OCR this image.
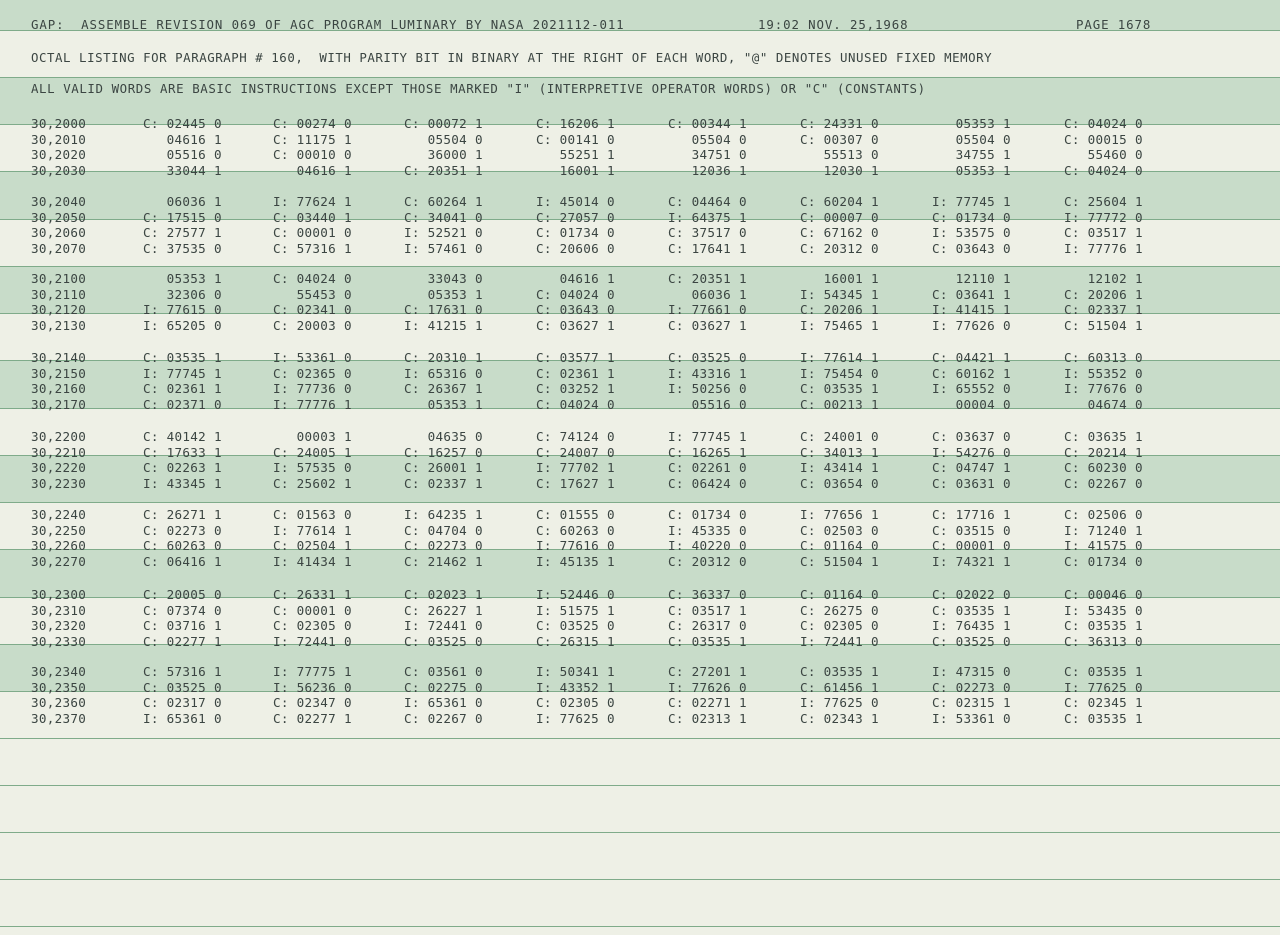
GAP:  ASSEMBLE REVISION 069 OF AGC PROGRAM LUMINARY BY NASA 2021112-011	19:02 NOV. 25,1968	PAGE 1678
OCTAL LISTING FOR PARAGRAPH # 160,  WITH PARITY BIT IN BINARY AT THE RIGHT OF EACH WORD, "@" DENOTES UNUSED FIXED MEMORY
ALL VALID WORDS ARE BASIC INSTRUCTIONS EXCEPT THOSE MARKED "I" (INTERPRETIVE OPERATOR WORDS) OR "C" (CONSTANTS)
30,2000	C: 02445 0	C: 00274 0	C: 00072 1	C: 16206 1	C: 00344 1	C: 24331 0	05353 1	C: 04024 0
30,2010	04616 1	C: 11175 1	05504 0	C: 00141 0	05504 0	C: 00307 0	05504 0	C: 00015 0
30,2020	05516 0	C: 00010 0	36000 1	55251 1	34751 0	55513 0	34755 1	55460 0
30,2030	33044 1	04616 1	C: 20351 1	16001 1	12036 1	12030 1	05353 1	C: 04024 0
30,2040	06036 1	I: 77624 1	C: 60264 1	I: 45014 0	C: 04464 0	C: 60204 1	I: 77745 1	C: 25604 1
30,2050	C: 17515 0	C: 03440 1	C: 34041 0	C: 27057 0	I: 64375 1	C: 00007 0	C: 01734 0	I: 77772 0
30,2060	C: 27577 1	C: 00001 0	I: 52521 0	C: 01734 0	C: 37517 0	C: 67162 0	I: 53575 0	C: 03517 1
30,2070	C: 37535 0	C: 57316 1	I: 57461 0	C: 20606 0	C: 17641 1	C: 20312 0	C: 03643 0	I: 77776 1
30,2100	05353 1	C: 04024 0	33043 0	04616 1	C: 20351 1	16001 1	12110 1	12102 1
30,2110	32306 0	55453 0	05353 1	C: 04024 0	06036 1	I: 54345 1	C: 03641 1	C: 20206 1
30,2120	I: 77615 0	C: 02341 0	C: 17631 0	C: 03643 0	I: 77661 0	C: 20206 1	I: 41415 1	C: 02337 1
30,2130	I: 65205 0	C: 20003 0	I: 41215 1	C: 03627 1	C: 03627 1	I: 75465 1	I: 77626 0	C: 51504 1
30,2140	C: 03535 1	I: 53361 0	C: 20310 1	C: 03577 1	C: 03525 0	I: 77614 1	C: 04421 1	C: 60313 0
30,2150	I: 77745 1	C: 02365 0	I: 65316 0	C: 02361 1	I: 43316 1	I: 75454 0	C: 60162 1	I: 55352 0
30,2160	C: 02361 1	I: 77736 0	C: 26367 1	C: 03252 1	I: 50256 0	C: 03535 1	I: 65552 0	I: 77676 0
30,2170	C: 02371 0	I: 77776 1	05353 1	C: 04024 0	05516 0	C: 00213 1	00004 0	04674 0
30,2200	C: 40142 1	00003 1	04635 0	C: 74124 0	I: 77745 1	C: 24001 0	C: 03637 0	C: 03635 1
30,2210	C: 17633 1	C: 24005 1	C: 16257 0	C: 24007 0	C: 16265 1	C: 34013 1	I: 54276 0	C: 20214 1
30,2220	C: 02263 1	I: 57535 0	C: 26001 1	I: 77702 1	C: 02261 0	I: 43414 1	C: 04747 1	C: 60230 0
30,2230	I: 43345 1	C: 25602 1	C: 02337 1	C: 17627 1	C: 06424 0	C: 03654 0	C: 03631 0	C: 02267 0
30,2240	C: 26271 1	C: 01563 0	I: 64235 1	C: 01555 0	C: 01734 0	I: 77656 1	C: 17716 1	C: 02506 0
30,2250	C: 02273 0	I: 77614 1	C: 04704 0	C: 60263 0	I: 45335 0	C: 02503 0	C: 03515 0	I: 71240 1
30,2260	C: 60263 0	C: 02504 1	C: 02273 0	I: 77616 0	I: 40220 0	C: 01164 0	C: 00001 0	I: 41575 0
30,2270	C: 06416 1	I: 41434 1	C: 21462 1	I: 45135 1	C: 20312 0	C: 51504 1	I: 74321 1	C: 01734 0
30,2300	C: 20005 0	C: 26331 1	C: 02023 1	I: 52446 0	C: 36337 0	C: 01164 0	C: 02022 0	C: 00046 0
30,2310	C: 07374 0	C: 00001 0	C: 26227 1	I: 51575 1	C: 03517 1	C: 26275 0	C: 03535 1	I: 53435 0
30,2320	C: 03716 1	C: 02305 0	I: 72441 0	C: 03525 0	C: 26317 0	C: 02305 0	I: 76435 1	C: 03535 1
30,2330	C: 02277 1	I: 72441 0	C: 03525 0	C: 26315 1	C: 03535 1	I: 72441 0	C: 03525 0	C: 36313 0
30,2340	C: 57316 1	I: 77775 1	C: 03561 0	I: 50341 1	C: 27201 1	C: 03535 1	I: 47315 0	C: 03535 1
30,2350	C: 03525 0	I: 56236 0	C: 02275 0	I: 43352 1	I: 77626 0	C: 61456 1	C: 02273 0	I: 77625 0
30,2360	C: 02317 0	C: 02347 0	I: 65361 0	C: 02305 0	C: 02271 1	I: 77625 0	C: 02315 1	C: 02345 1
30,2370	I: 65361 0	C: 02277 1	C: 02267 0	I: 77625 0	C: 02313 1	C: 02343 1	I: 53361 0	C: 03535 1
